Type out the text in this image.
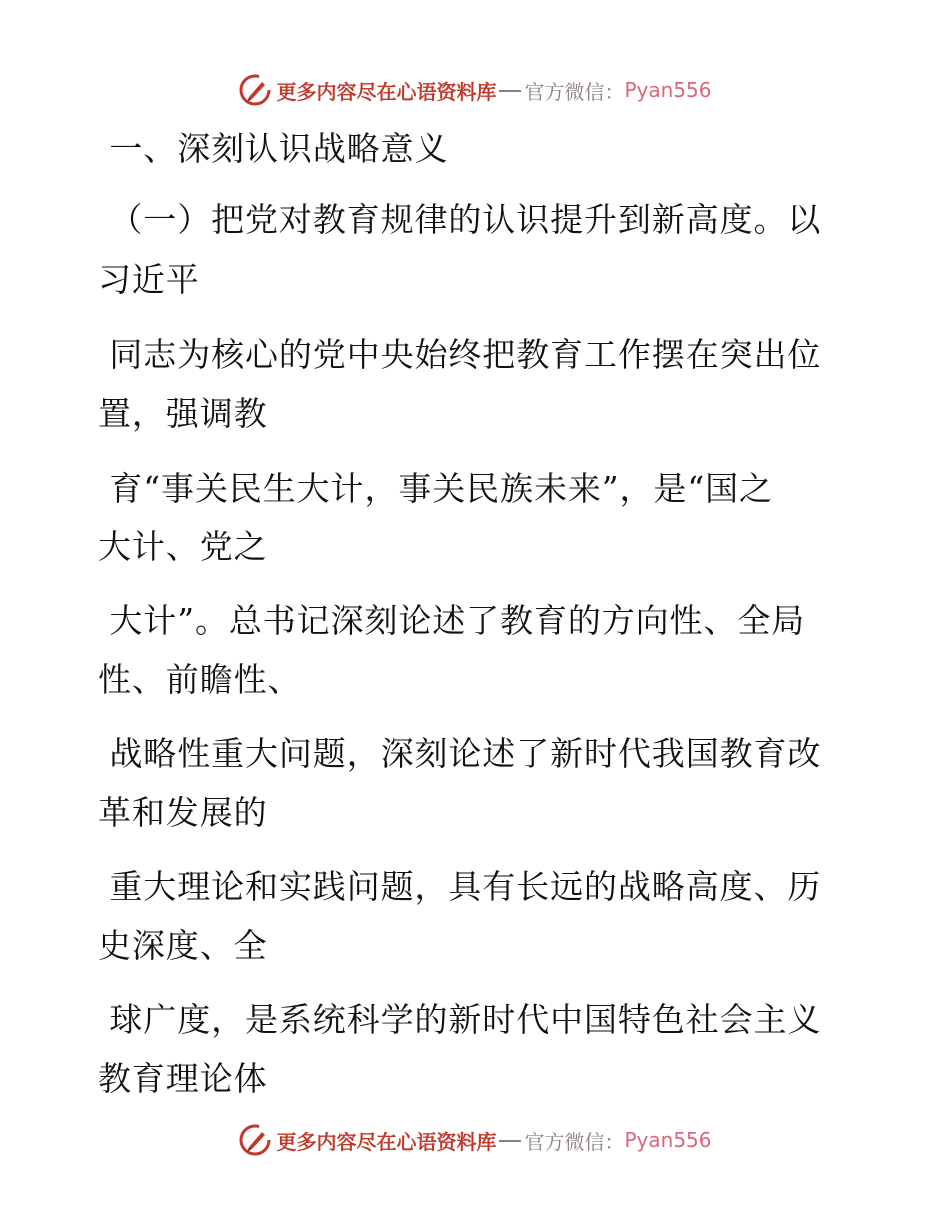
更多内容尽在心语资料库 官方微信： Pyan556
一、深刻认识战略意义
（一）把党对教育规律的认识提升到新高度。以
习近平
同志为核心的党中央始终把教育工作摆在突出位
置，强调教
育“事关民生大计，事关民族未来”，是“国之
大计、党之
大计”。总书记深刻论述了教育的方向性、全局
性、前瞻性、
战略性重大问题，深刻论述了新时代我国教育改
革和发展的
重大理论和实践问题，具有长远的战略高度、历
史深度、全
球广度，是系统科学的新时代中国特色社会主义
教育理论体
更多内容尽在心语资料库 官方微信： Pyan556
